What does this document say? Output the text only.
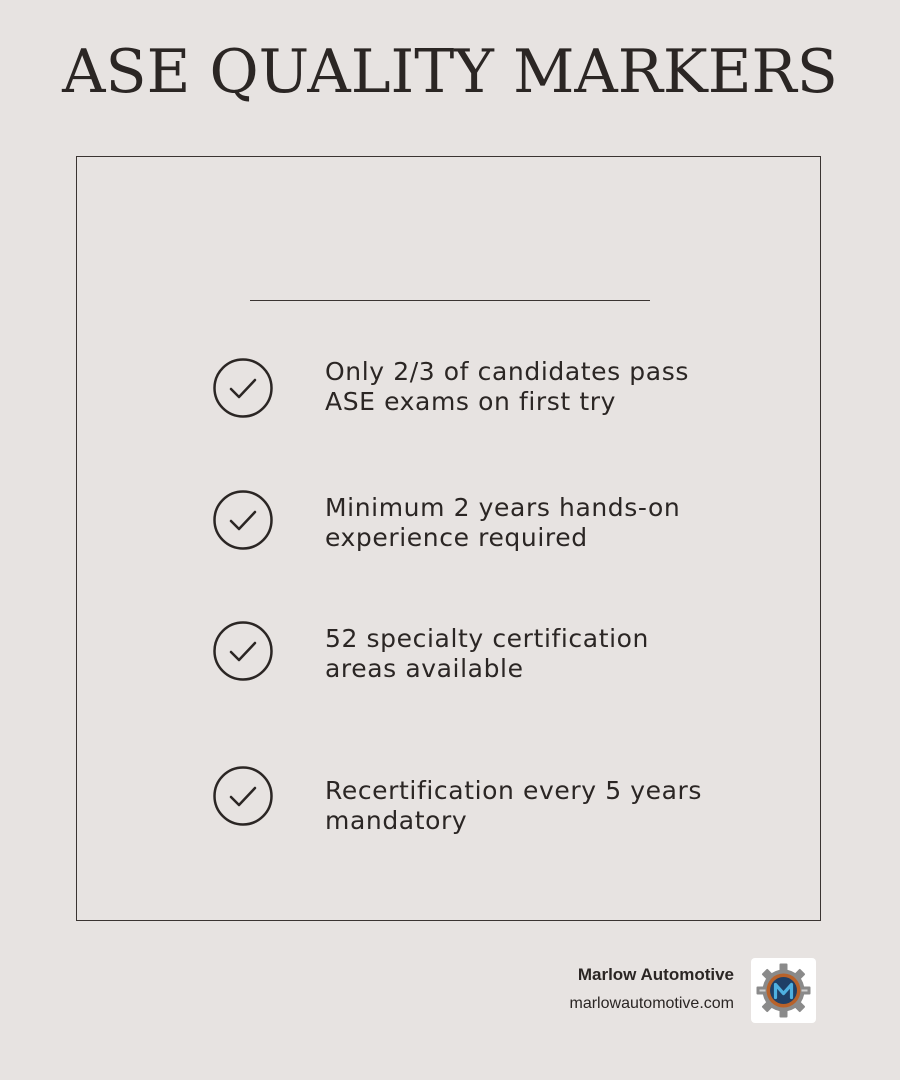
ASE QUALITY MARKERS
Only 2/3 of candidates pass
ASE exams on first try
Minimum 2 years hands-on
experience required
52 specialty certification
areas available
Recertification every 5 years
mandatory
Marlow Automotive
marlowautomotive.com
